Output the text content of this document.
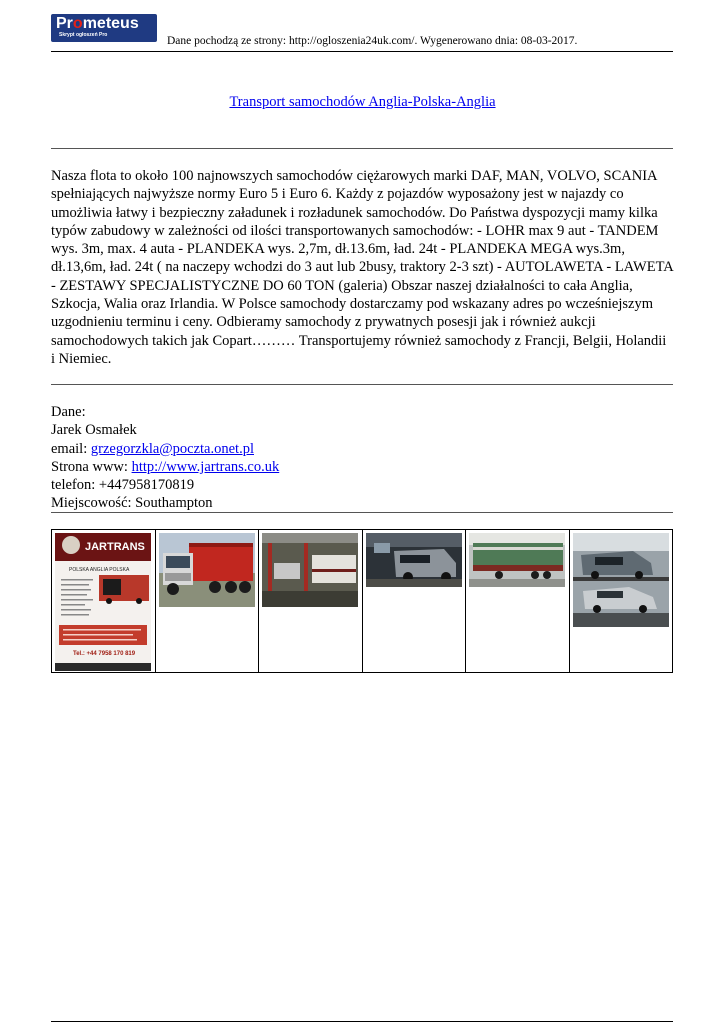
Prometeus
Skrypt ogłoszeń Pro	Dane pochodzą ze strony: http://ogloszenia24uk.com/. Wygenerowano dnia: 08-03-2017.
Transport samochodów Anglia-Polska-Anglia
Nasza flota to około 100 najnowszych samochodów ciężarowych marki DAF, MAN, VOLVO, SCANIA spełniających najwyższe normy Euro 5 i Euro 6. Każdy z pojazdów wyposażony jest w najazdy co umożliwia łatwy i bezpieczny załadunek i rozładunek samochodów. Do Państwa dyspozycji mamy kilka typów zabudowy w zależności od ilości transportowanych samochodów: - LOHR max 9 aut - TANDEM wys. 3m, max. 4 auta - PLANDEKA wys. 2,7m, dł.13.6m, ład. 24t - PLANDEKA MEGA wys.3m, dł.13,6m, ład. 24t ( na naczepy wchodzi do 3 aut lub 2busy, traktory 2-3 szt) - AUTOLAWETA - LAWETA - ZESTAWY SPECJALISTYCZNE DO 60 TON (galeria) Obszar naszej działalności to cała Anglia, Szkocja, Walia oraz Irlandia. W Polsce samochody dostarczamy pod wskazany adres po wcześniejszym uzgodnieniu terminu i ceny. Odbieramy samochody z prywatnych posesji jak i również aukcji samochodowych takich jak Copart……… Transportujemy również samochody z Francji, Belgii, Holandii i Niemiec.
Dane:
Jarek Osmałek
email: grzegorzkla@poczta.onet.pl
Strona www: http://www.jartrans.co.uk
telefon: +447958170819
Miejscowość: Southampton
JARTRANS
POLSKA ANGLIA POLSKA
Tel.: +44 7958 170 819
